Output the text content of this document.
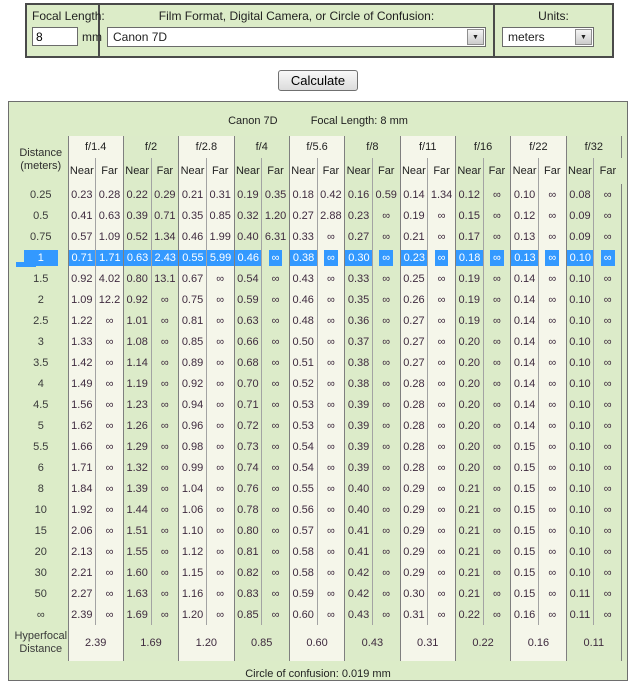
Focal Length:
8
mm
Film Format, Digital Camera, or Circle of Confusion:
Canon 7D	▼
Units:
meters	▼
Calculate
Canon 7D	Focal Length: 8 mm
Distance
(meters)	f/1.4		f/2		f/2.8		f/4		f/5.6		f/8		f/11		f/16		f/22		f/32	
	Near	Far	Near	Far	Near	Far	Near	Far	Near	Far	Near	Far	Near	Far	Near	Far	Near	Far	Near	Far
0.25	0.23	0.28	0.22	0.29	0.21	0.31	0.19	0.35	0.18	0.42	0.16	0.59	0.14	1.34	0.12	∞	0.10	∞	0.08	∞
0.5	0.41	0.63	0.39	0.71	0.35	0.85	0.32	1.20	0.27	2.88	0.23	∞	0.19	∞	0.15	∞	0.12	∞	0.09	∞
0.75	0.57	1.09	0.52	1.34	0.46	1.99	0.40	6.31	0.33	∞	0.27	∞	0.21	∞	0.17	∞	0.13	∞	0.09	∞
1	0.71	1.71	0.63	2.43	0.55	5.99	0.46	∞	0.38	∞	0.30	∞	0.23	∞	0.18	∞	0.13	∞	0.10	∞
1.5	0.92	4.02	0.80	13.1	0.67	∞	0.54	∞	0.43	∞	0.33	∞	0.25	∞	0.19	∞	0.14	∞	0.10	∞
2	1.09	12.2	0.92	∞	0.75	∞	0.59	∞	0.46	∞	0.35	∞	0.26	∞	0.19	∞	0.14	∞	0.10	∞
2.5	1.22	∞	1.01	∞	0.81	∞	0.63	∞	0.48	∞	0.36	∞	0.27	∞	0.19	∞	0.14	∞	0.10	∞
3	1.33	∞	1.08	∞	0.85	∞	0.66	∞	0.50	∞	0.37	∞	0.27	∞	0.20	∞	0.14	∞	0.10	∞
3.5	1.42	∞	1.14	∞	0.89	∞	0.68	∞	0.51	∞	0.38	∞	0.27	∞	0.20	∞	0.14	∞	0.10	∞
4	1.49	∞	1.19	∞	0.92	∞	0.70	∞	0.52	∞	0.38	∞	0.28	∞	0.20	∞	0.14	∞	0.10	∞
4.5	1.56	∞	1.23	∞	0.94	∞	0.71	∞	0.53	∞	0.39	∞	0.28	∞	0.20	∞	0.14	∞	0.10	∞
5	1.62	∞	1.26	∞	0.96	∞	0.72	∞	0.53	∞	0.39	∞	0.28	∞	0.20	∞	0.14	∞	0.10	∞
5.5	1.66	∞	1.29	∞	0.98	∞	0.73	∞	0.54	∞	0.39	∞	0.28	∞	0.20	∞	0.15	∞	0.10	∞
6	1.71	∞	1.32	∞	0.99	∞	0.74	∞	0.54	∞	0.39	∞	0.28	∞	0.20	∞	0.15	∞	0.10	∞
8	1.84	∞	1.39	∞	1.04	∞	0.76	∞	0.55	∞	0.40	∞	0.29	∞	0.21	∞	0.15	∞	0.10	∞
10	1.92	∞	1.44	∞	1.06	∞	0.78	∞	0.56	∞	0.40	∞	0.29	∞	0.21	∞	0.15	∞	0.10	∞
15	2.06	∞	1.51	∞	1.10	∞	0.80	∞	0.57	∞	0.41	∞	0.29	∞	0.21	∞	0.15	∞	0.10	∞
20	2.13	∞	1.55	∞	1.12	∞	0.81	∞	0.58	∞	0.41	∞	0.29	∞	0.21	∞	0.15	∞	0.10	∞
30	2.21	∞	1.60	∞	1.15	∞	0.82	∞	0.58	∞	0.42	∞	0.29	∞	0.21	∞	0.15	∞	0.10	∞
50	2.27	∞	1.63	∞	1.16	∞	0.83	∞	0.59	∞	0.42	∞	0.30	∞	0.21	∞	0.15	∞	0.11	∞
∞	2.39	∞	1.69	∞	1.20	∞	0.85	∞	0.60	∞	0.43	∞	0.31	∞	0.22	∞	0.16	∞	0.11	∞

Hyperfocal
Distance	2.39		1.69		1.20		0.85		0.60		0.43		0.31		0.22		0.16		0.11	
Circle of confusion: 0.019 mm
